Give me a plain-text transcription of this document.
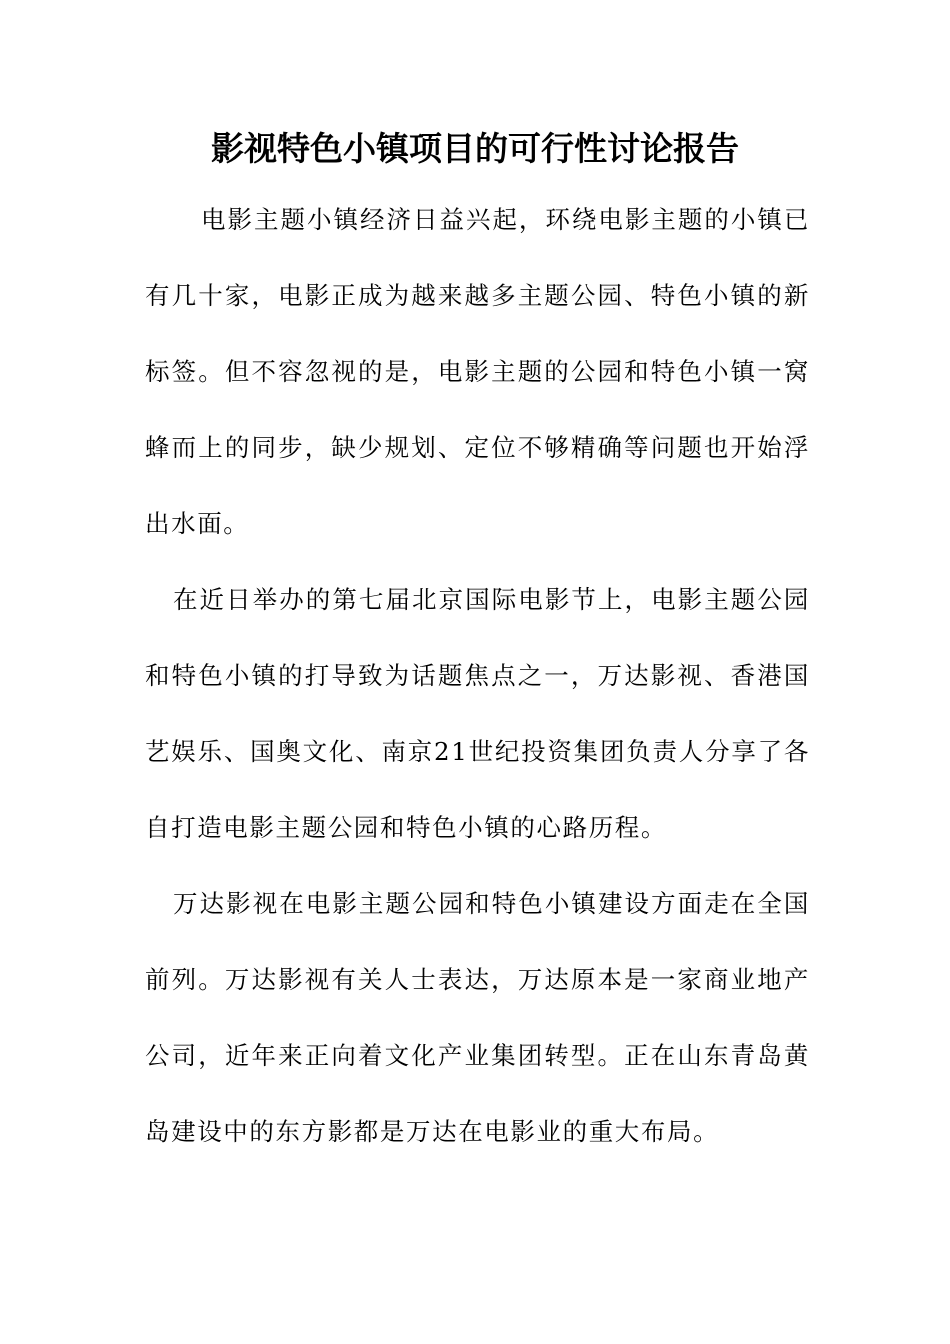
影视特色小镇项目的可行性讨论报告

电影主题小镇经济日益兴起，环绕电影主题的小镇已有几十家，电影正成为越来越多主题公园、特色小镇的新标签。但不容忽视的是，电影主题的公园和特色小镇一窝蜂而上的同步，缺少规划、定位不够精确等问题也开始浮出水面。

在近日举办的第七届北京国际电影节上，电影主题公园和特色小镇的打导致为话题焦点之一，万达影视、香港国艺娱乐、国奥文化、南京21世纪投资集团负责人分享了各自打造电影主题公园和特色小镇的心路历程。

万达影视在电影主题公园和特色小镇建设方面走在全国前列。万达影视有关人士表达，万达原本是一家商业地产公司，近年来正向着文化产业集团转型。正在山东青岛黄岛建设中的东方影都是万达在电影业的重大布局。
